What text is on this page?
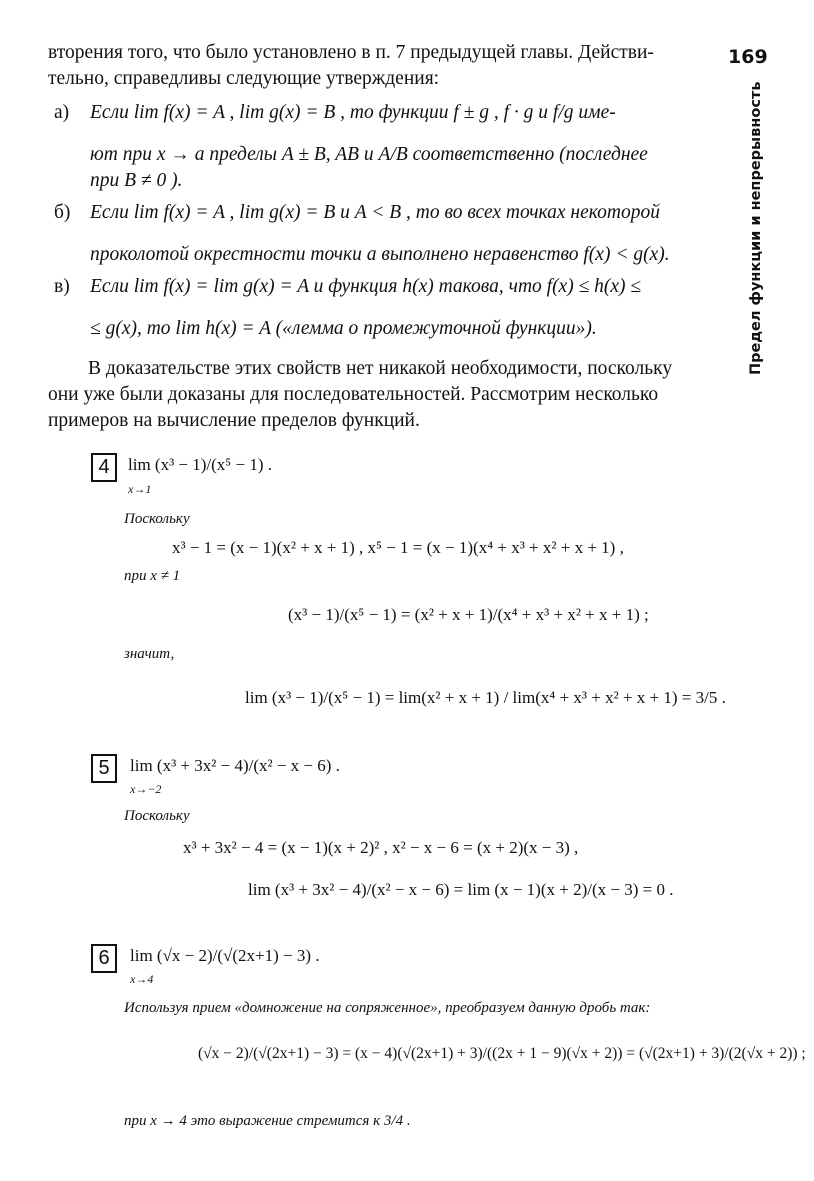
169
Предел функции и непрерывность

вторения того, что было установлено в п. 7 предыдущей главы. Действи-

тельно, справедливы следующие утверждения:

а) Если lim f(x) = A , lim g(x) = B , то функции f ± g , f · g и f/g име-
ют при x → a пределы A ± B, AB и A/B соответственно (последнее
при B ≠ 0 ).
б) Если lim f(x) = A , lim g(x) = B и A < B , то во всех точках некоторой
проколотой окрестности точки a выполнено неравенство f(x) < g(x).
в) Если lim f(x) = lim g(x) = A и функция h(x) такова, что f(x) ≤ h(x) ≤
≤ g(x), то lim h(x) = A («лемма о промежуточной функции»).

В доказательстве этих свойств нет никакой необходимости, поскольку

они уже были доказаны для последовательностей. Рассмотрим несколько

примеров на вычисление пределов функций.

4	lim (x³ − 1)/(x⁵ − 1) .
x→1
Поскольку
x³ − 1 = (x − 1)(x² + x + 1) , x⁵ − 1 = (x − 1)(x⁴ + x³ + x² + x + 1) ,
при x ≠ 1
(x³ − 1)/(x⁵ − 1) = (x² + x + 1)/(x⁴ + x³ + x² + x + 1) ;
значит,
lim (x³ − 1)/(x⁵ − 1) = lim(x² + x + 1) / lim(x⁴ + x³ + x² + x + 1) = 3/5 .
5	lim (x³ + 3x² − 4)/(x² − x − 6) .
x→−2
Поскольку
x³ + 3x² − 4 = (x − 1)(x + 2)² , x² − x − 6 = (x + 2)(x − 3) ,
lim (x³ + 3x² − 4)/(x² − x − 6) = lim (x − 1)(x + 2)/(x − 3) = 0 .
6	lim (√x − 2)/(√(2x+1) − 3) .
x→4
Используя прием «домножение на сопряженное», преобразуем данную дробь так:
(√x − 2)/(√(2x+1) − 3) = (x − 4)(√(2x+1) + 3)/((2x + 1 − 9)(√x + 2)) = (√(2x+1) + 3)/(2(√x + 2)) ;
при x → 4 это выражение стремится к 3/4 .
